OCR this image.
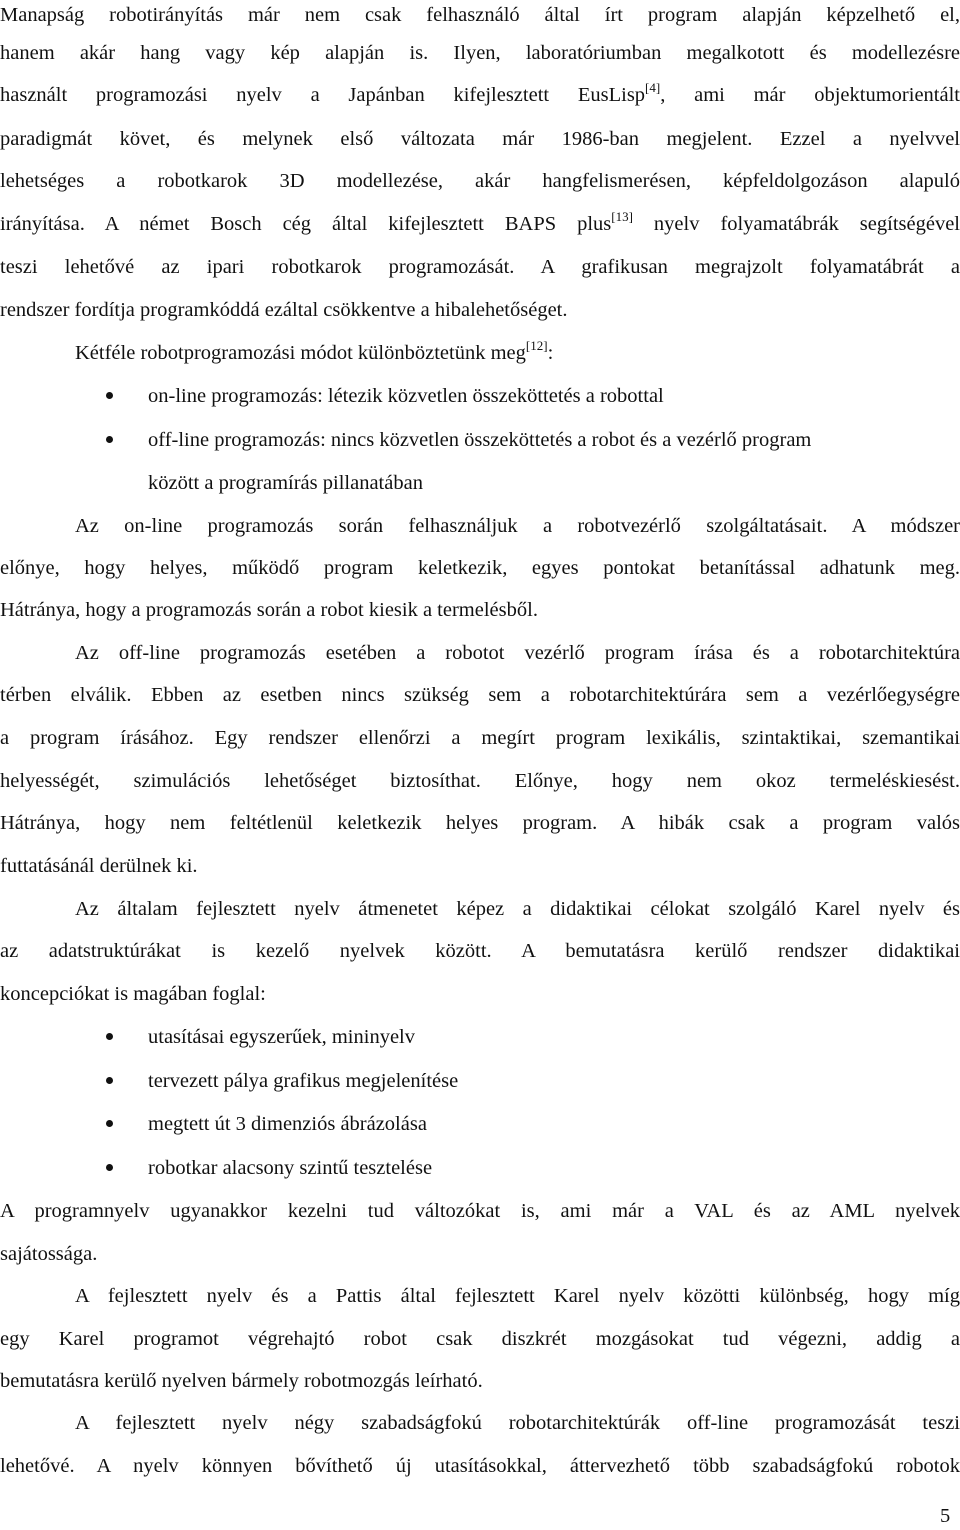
Manapság robotirányítás már nem csak felhasználó által írt program alapján képzelhető el,
hanem akár hang vagy kép alapján is. Ilyen, laboratóriumban megalkotott és modellezésre
használt programozási nyelv a Japánban kifejlesztett EusLisp[4], ami már objektumorientált
paradigmát követ, és melynek első változata már 1986-ban megjelent. Ezzel a nyelvvel
lehetséges a robotkarok 3D modellezése, akár hangfelismerésen, képfeldolgozáson alapuló
irányítása. A német Bosch cég által kifejlesztett BAPS plus[13] nyelv folyamatábrák segítségével
teszi lehetővé az ipari robotkarok programozását. A grafikusan megrajzolt folyamatábrát a
rendszer fordítja programkóddá ezáltal csökkentve a hibalehetőséget.
Kétféle robotprogramozási módot különböztetünk meg[12]:
on-line programozás: létezik közvetlen összeköttetés a robottal
off-line programozás: nincs közvetlen összeköttetés a robot és a vezérlő program
között a programírás pillanatában
Az on-line programozás során felhasználjuk a robotvezérlő szolgáltatásait. A módszer
előnye, hogy helyes, működő program keletkezik, egyes pontokat betanítással adhatunk meg.
Hátránya, hogy a programozás során a robot kiesik a termelésből.
Az off-line programozás esetében a robotot vezérlő program írása és a robotarchitektúra
térben elválik. Ebben az esetben nincs szükség sem a robotarchitektúrára sem a vezérlőegységre
a program írásához. Egy rendszer ellenőrzi a megírt program lexikális, szintaktikai, szemantikai
helyességét, szimulációs lehetőséget biztosíthat. Előnye, hogy nem okoz termeléskiesést.
Hátránya, hogy nem feltétlenül keletkezik helyes program. A hibák csak a program valós
futtatásánál derülnek ki.
Az általam fejlesztett nyelv átmenetet képez a didaktikai célokat szolgáló Karel nyelv és
az adatstruktúrákat is kezelő nyelvek között. A bemutatásra kerülő rendszer didaktikai
koncepciókat is magában foglal:
utasításai egyszerűek, mininyelv
tervezett pálya grafikus megjelenítése
megtett út 3 dimenziós ábrázolása
robotkar alacsony szintű tesztelése
A programnyelv ugyanakkor kezelni tud változókat is, ami már a VAL és az AML nyelvek
sajátossága.
A fejlesztett nyelv és a Pattis által fejlesztett Karel nyelv közötti különbség, hogy míg
egy Karel programot végrehajtó robot csak diszkrét mozgásokat tud végezni, addig a
bemutatásra kerülő nyelven bármely robotmozgás leírható.
A fejlesztett nyelv négy szabadságfokú robotarchitektúrák off-line programozását teszi
lehetővé. A nyelv könnyen bővíthető új utasításokkal, áttervezhető több szabadságfokú robotok
5
